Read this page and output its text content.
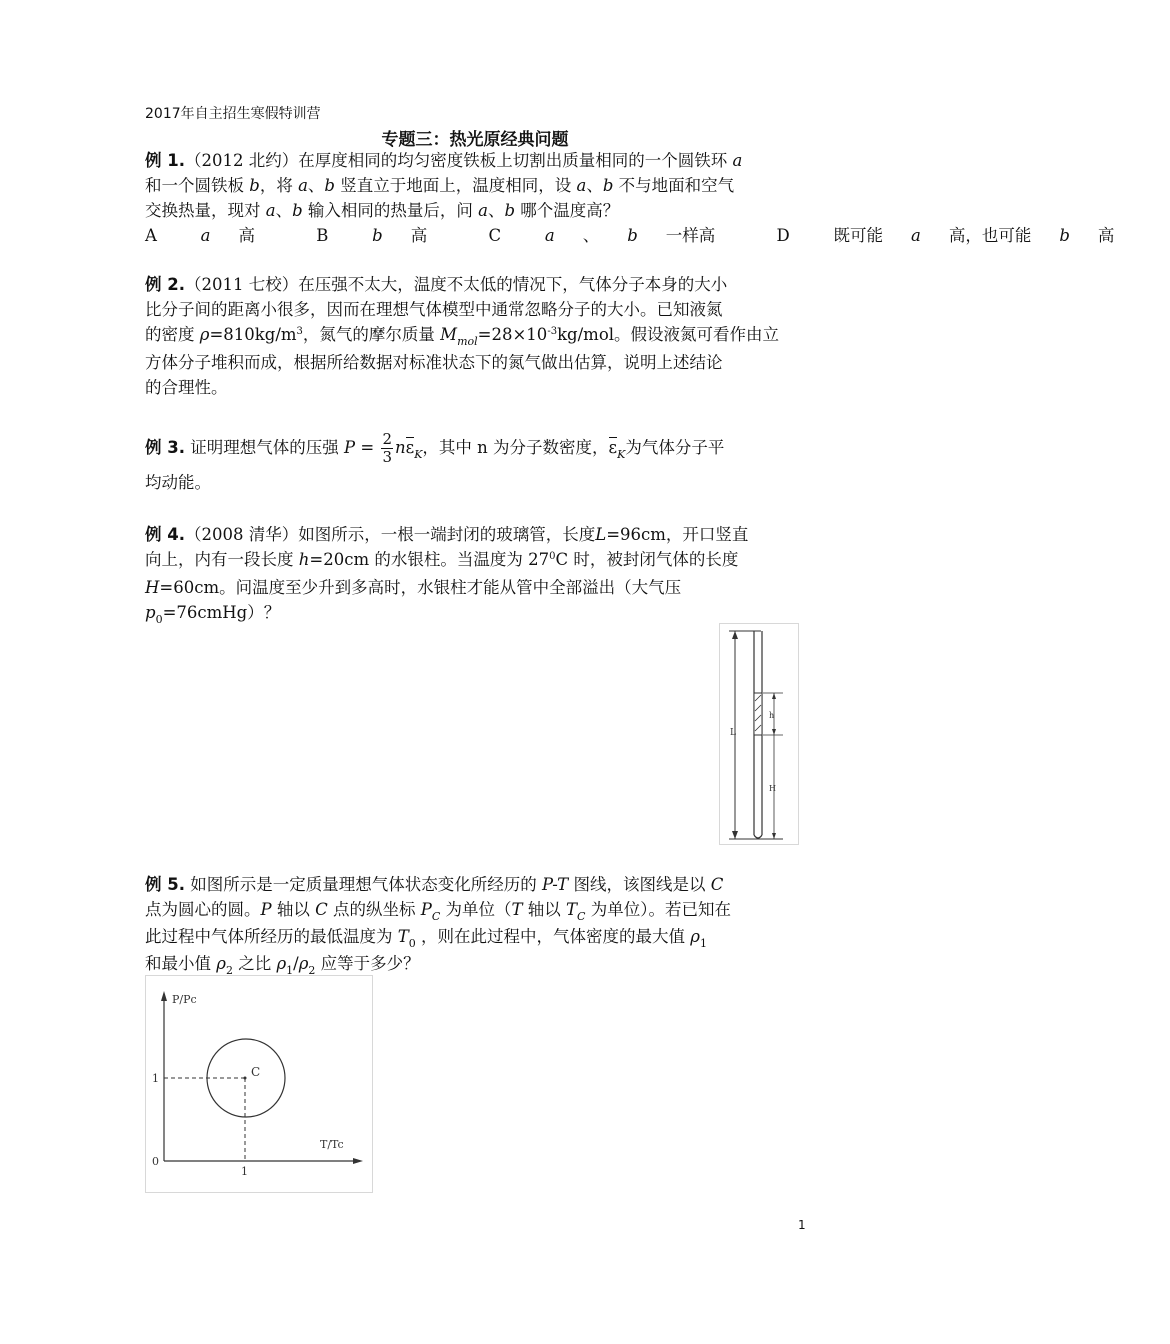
2017年自主招生寒假特训营
专题三：热光原经典问题
例 1.（2012 北约）在厚度相同的均匀密度铁板上切割出质量相同的一个圆铁环 a
和一个圆铁板 b，将 a、b 竖直立于地面上，温度相同，设 a、b 不与地面和空气
交换热量，现对 a、b 输入相同的热量后，问 a、b 哪个温度高？
A	a 高	B	b 高	C	a 、 b 一样高	D	既可能 a 高，也可能 b 高
例 2.（2011 七校）在压强不太大，温度不太低的情况下，气体分子本身的大小
比分子间的距离小很多，因而在理想气体模型中通常忽略分子的大小。已知液氮
的密度 $\rho=810kg/m^3$，氮气的摩尔质量 $M_{mol}=28\times 10^{-3}kg$/mol。假设液氮可看作由立
方体分子堆积而成，根据所给数据对标准状态下的氮气做出估算，说明上述结论
的合理性。
例 3. 证明理想气体的压强 $P = \frac{2}{3} n\varepsilon_K$，其中 n 为分子数密度，$\varepsilon_K$为气体分子平
均动能。
例 4.（2008 清华）如图所示，一根一端封闭的玻璃管，长度L=96cm，开口竖直
向上，内有一段长度 h=20cm 的水银柱。当温度为 $27^0C$ 时，被封闭气体的长度
H=60cm。问温度至少升到多高时，水银柱才能从管中全部溢出（大气压
$p_0=76cmHg$）？
L
h
H
例 5. 如图所示是一定质量理想气体状态变化所经历的 P-T 图线，该图线是以 C
点为圆心的圆。P 轴以 C 点的纵坐标 $P_C$ 为单位（T 轴以 $T_C$ 为单位）。若已知在
此过程中气体所经历的最低温度为 $T_0$ ，则在此过程中，气体密度的最大值 $\rho_1$
和最小值 $\rho_2$ 之比 $\rho_1/\rho_2$ 应等于多少？
P/Pc
T/Tc
1
1
0
C
1
